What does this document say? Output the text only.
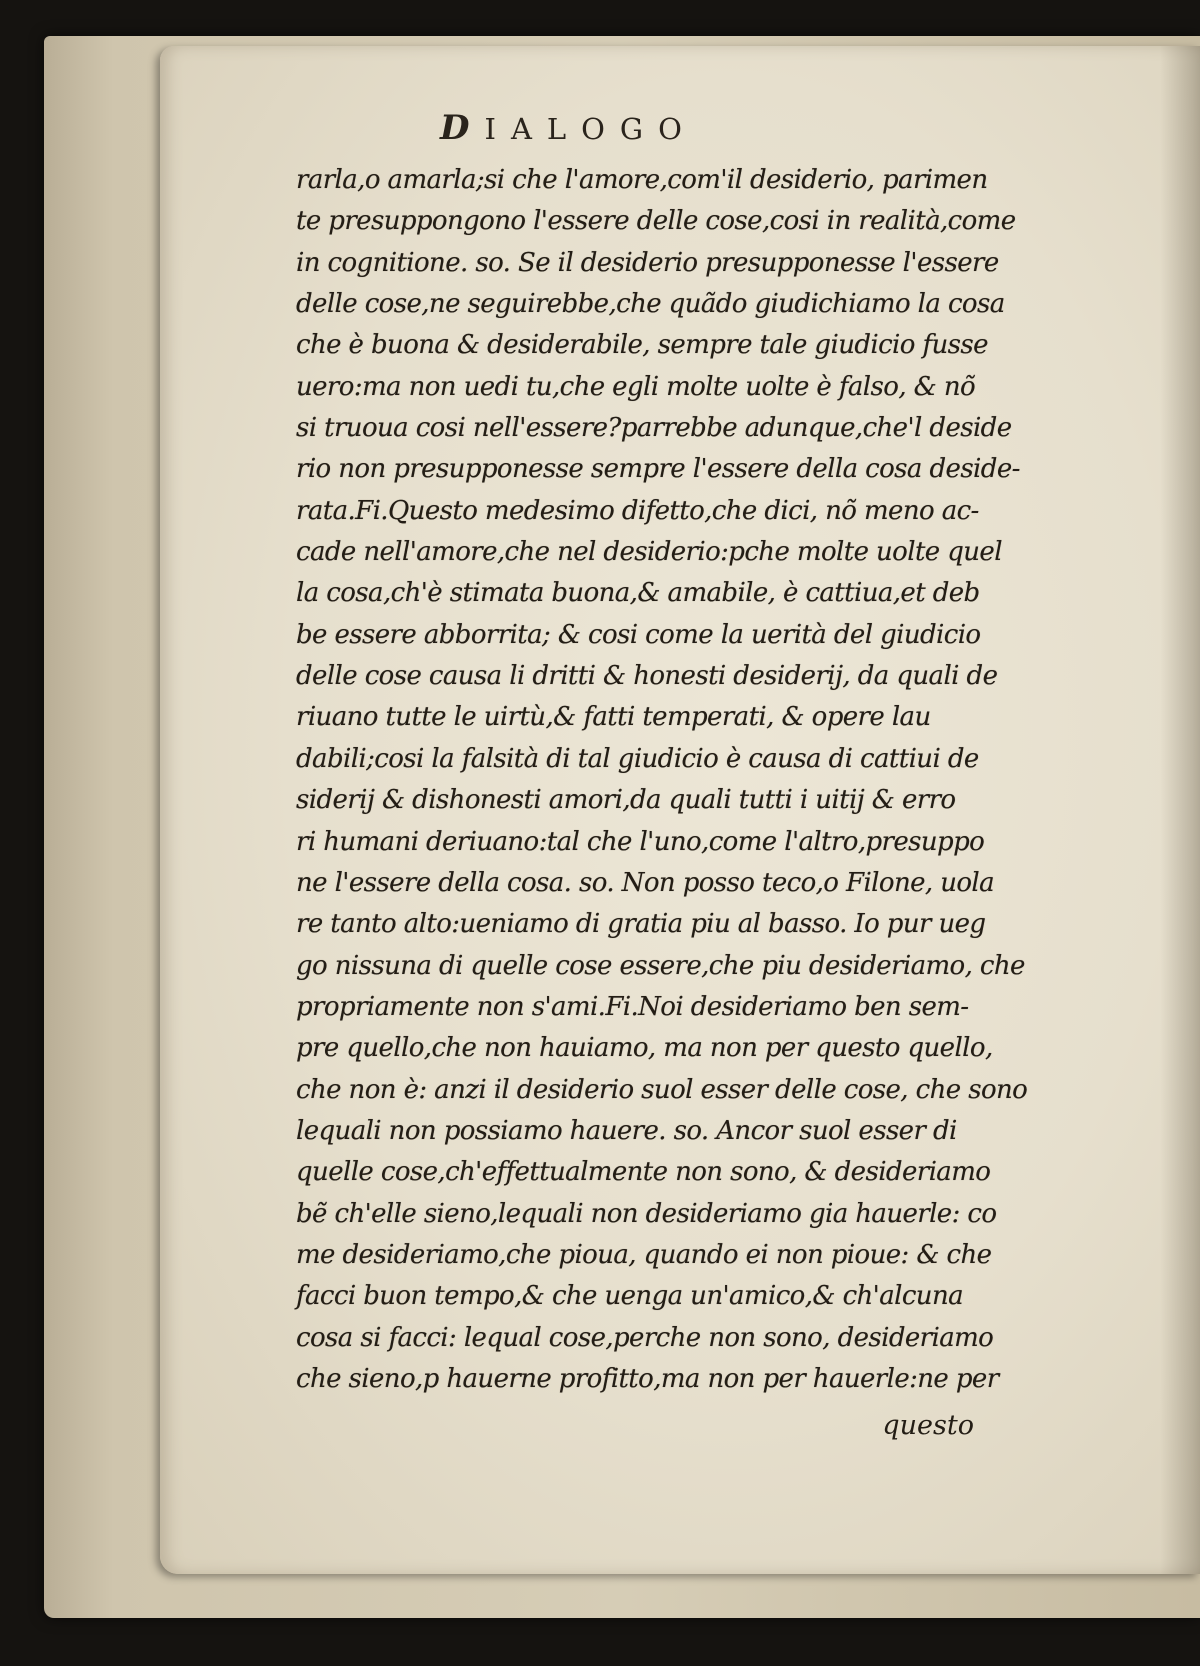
DIALOGO
rarla,o amarla;si che l'amore,com'il desiderio, parimen
te presuppongono l'essere delle cose,cosi in realità,come
in cognitione. so. Se il desiderio presupponesse l'essere
delle cose,ne seguirebbe,che quãdo giudichiamo la cosa
che è buona & desiderabile, sempre tale giudicio fusse
uero:ma non uedi tu,che egli molte uolte è falso, & nõ
si truoua cosi nell'essere?parrebbe adunque,che'l deside
rio non presupponesse sempre l'essere della cosa deside-
rata.Fi.Questo medesimo difetto,che dici, nõ meno ac-
cade nell'amore,che nel desiderio:pche molte uolte quel
la cosa,ch'è stimata buona,& amabile, è cattiua,et deb
be essere abborrita; & cosi come la uerità del giudicio
delle cose causa li dritti & honesti desiderij, da quali de
riuano tutte le uirtù,& fatti temperati, & opere lau
dabili;cosi la falsità di tal giudicio è causa di cattiui de
siderij & dishonesti amori,da quali tutti i uitij & erro
ri humani deriuano:tal che l'uno,come l'altro,presuppo
ne l'essere della cosa. so. Non posso teco,o Filone, uola
re tanto alto:ueniamo di gratia piu al basso. Io pur ueg
go nissuna di quelle cose essere,che piu desideriamo, che
propriamente non s'ami.Fi.Noi desideriamo ben sem-
pre quello,che non hauiamo, ma non per questo quello,
che non è: anzi il desiderio suol esser delle cose, che sono
lequali non possiamo hauere. so. Ancor suol esser di
quelle cose,ch'effettualmente non sono, & desideriamo
bẽ ch'elle sieno,lequali non desideriamo gia hauerle: co
me desideriamo,che pioua, quando ei non pioue: & che
facci buon tempo,& che uenga un'amico,& ch'alcuna
cosa si facci: lequal cose,perche non sono, desideriamo
che sieno,p hauerne profitto,ma non per hauerle:ne per
questo
